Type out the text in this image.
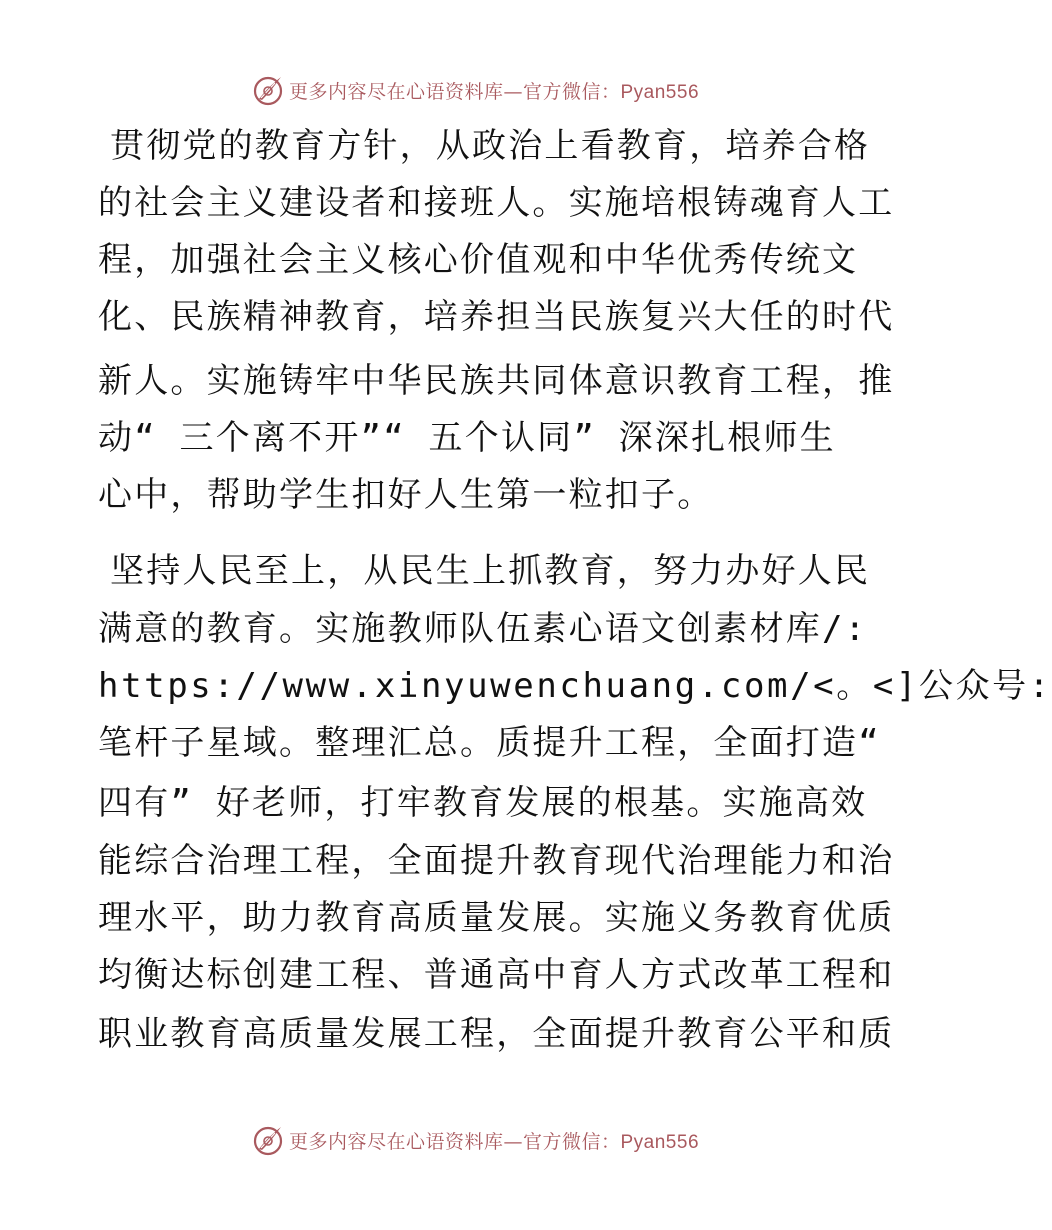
更多内容尽在心语资料库—官方微信：Pyan556
贯彻党的教育方针，从政治上看教育，培养合格
的社会主义建设者和接班人。实施培根铸魂育人工
程，加强社会主义核心价值观和中华优秀传统文
化、民族精神教育，培养担当民族复兴大任的时代
新人。实施铸牢中华民族共同体意识教育工程，推
动“ 三个离不开”“ 五个认同” 深深扎根师生
心中，帮助学生扣好人生第一粒扣子。
坚持人民至上，从民生上抓教育，努力办好人民
满意的教育。实施教师队伍素心语文创素材库/:
https://www.xinyuwenchuang.com/<。<]公众号:
笔杆子星域。整理汇总。质提升工程，全面打造“
四有” 好老师，打牢教育发展的根基。实施高效
能综合治理工程，全面提升教育现代治理能力和治
理水平，助力教育高质量发展。实施义务教育优质
均衡达标创建工程、普通高中育人方式改革工程和
职业教育高质量发展工程，全面提升教育公平和质
更多内容尽在心语资料库—官方微信：Pyan556
